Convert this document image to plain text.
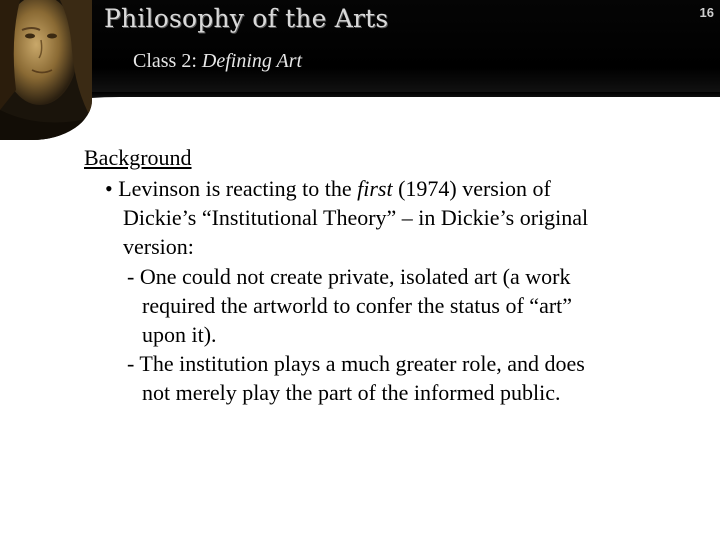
Philosophy of the Arts
Class 2: Defining Art
16
Background
• Levinson is reacting to the first (1974) version of
Dickie’s “Institutional Theory” – in Dickie’s original
version:
- One could not create private, isolated art (a work
required the artworld to confer the status of “art”
upon it).
- The institution plays a much greater role, and does
not merely play the part of the informed public.
